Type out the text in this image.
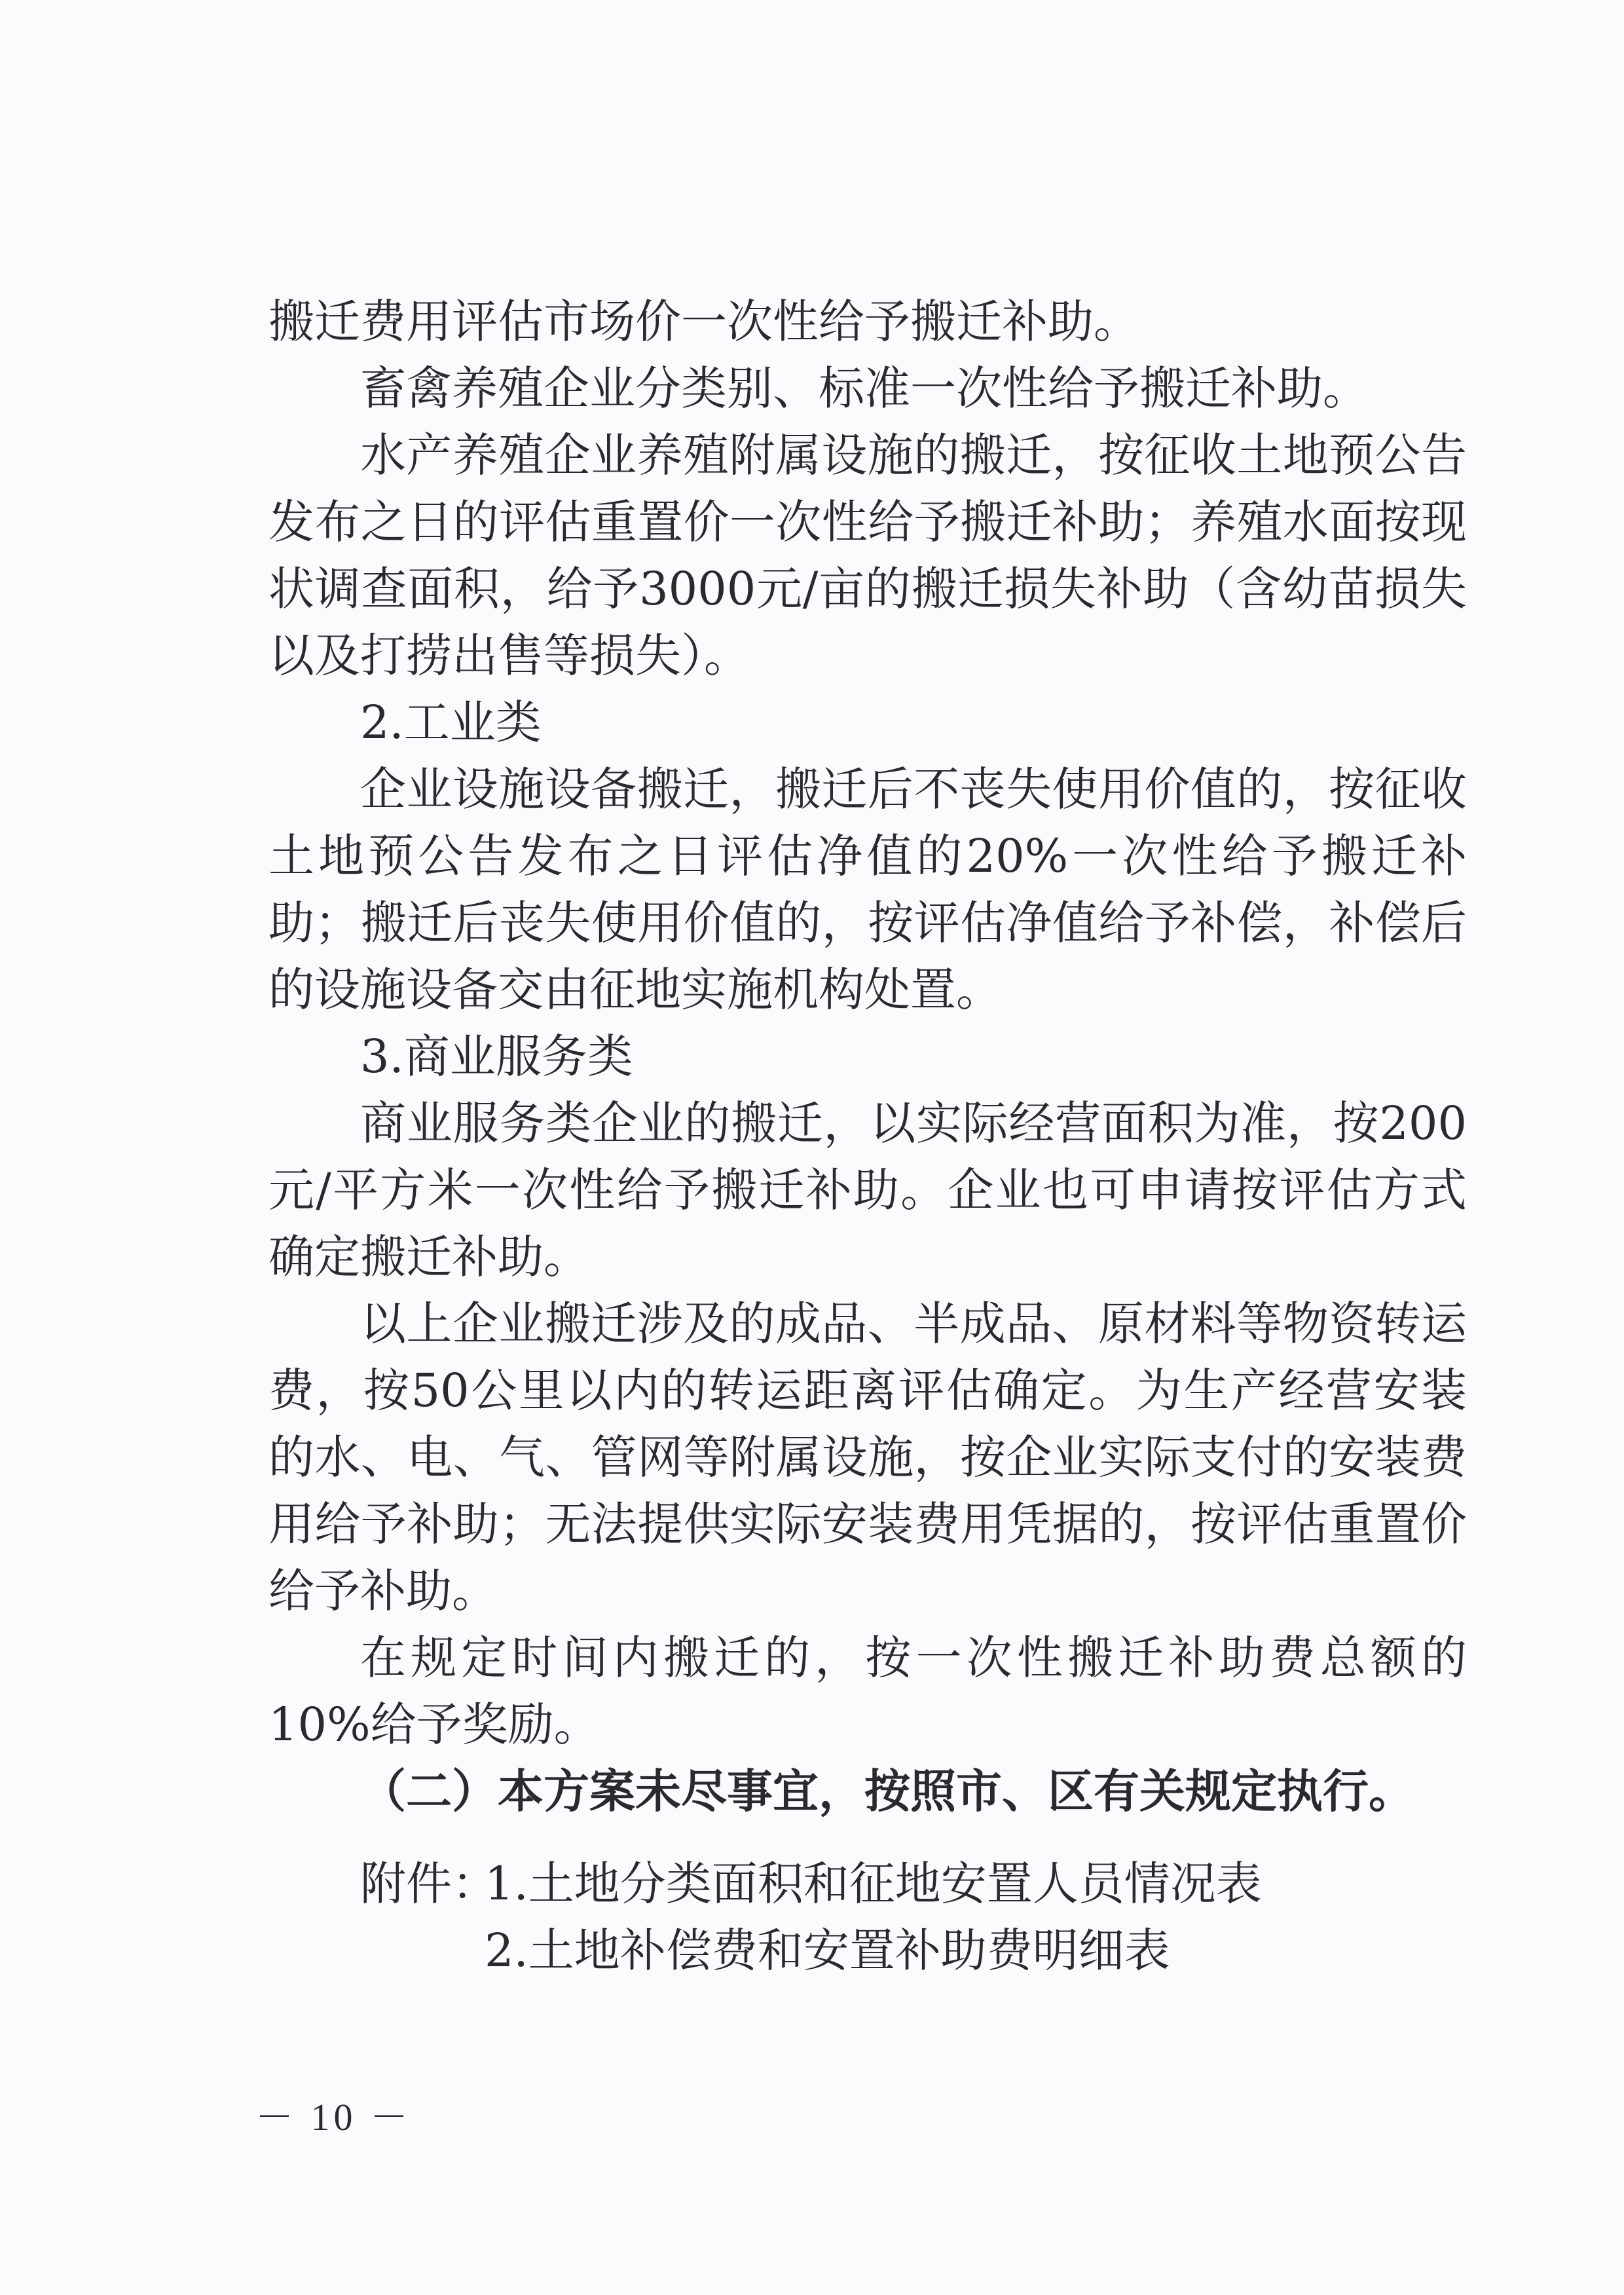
搬迁费用评估市场价一次性给予搬迁补助。

畜禽养殖企业分类别、标准一次性给予搬迁补助。

水产养殖企业养殖附属设施的搬迁，按征收土地预公告发布之日的评估重置价一次性给予搬迁补助；养殖水面按现状调查面积，给予3000元/亩的搬迁损失补助（含幼苗损失以及打捞出售等损失）。

2.工业类

企业设施设备搬迁，搬迁后不丧失使用价值的，按征收土地预公告发布之日评估净值的20%一次性给予搬迁补助；搬迁后丧失使用价值的，按评估净值给予补偿，补偿后的设施设备交由征地实施机构处置。

3.商业服务类

商业服务类企业的搬迁，以实际经营面积为准，按200元/平方米一次性给予搬迁补助。企业也可申请按评估方式确定搬迁补助。

以上企业搬迁涉及的成品、半成品、原材料等物资转运费，按50公里以内的转运距离评估确定。为生产经营安装的水、电、气、管网等附属设施，按企业实际支付的安装费用给予补助；无法提供实际安装费用凭据的，按评估重置价给予补助。

在规定时间内搬迁的，按一次性搬迁补助费总额的10%给予奖励。

（二）本方案未尽事宜，按照市、区有关规定执行。

附件：
1.土地分类面积和征地安置人员情况表
2.土地补偿费和安置补助费明细表
－ 10 －
